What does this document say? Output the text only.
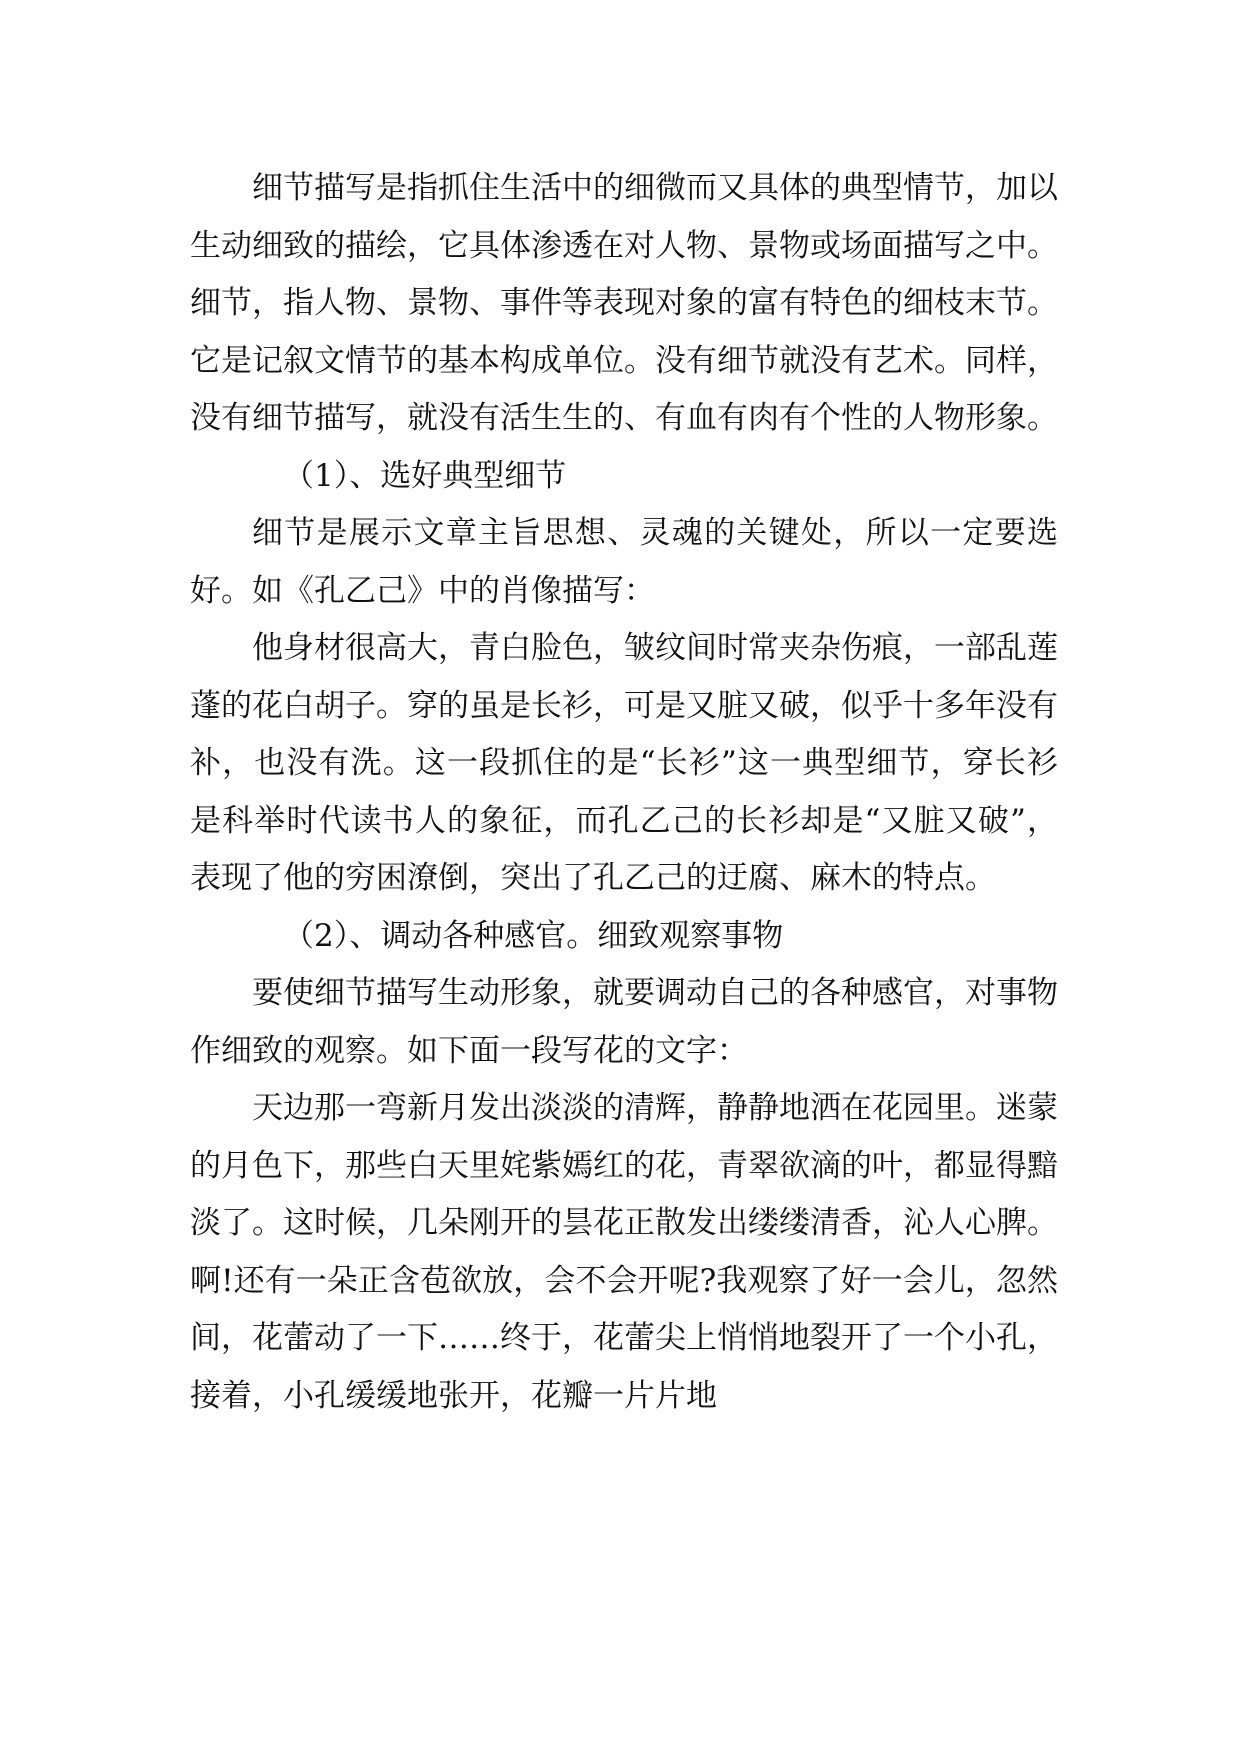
细节描写是指抓住生活中的细微而又具体的典型情节，加以生动细致的描绘，它具体渗透在对人物、景物或场面描写之中。细节，指人物、景物、事件等表现对象的富有特色的细枝末节。它是记叙文情节的基本构成单位。没有细节就没有艺术。同样，没有细节描写，就没有活生生的、有血有肉有个性的人物形象。

（1）、选好典型细节

细节是展示文章主旨思想、灵魂的关键处，所以一定要选好。如《孔乙己》中的肖像描写：

他身材很高大，青白脸色，皱纹间时常夹杂伤痕，一部乱莲蓬的花白胡子。穿的虽是长衫，可是又脏又破，似乎十多年没有补，也没有洗。这一段抓住的是“长衫”这一典型细节，穿长衫是科举时代读书人的象征，而孔乙己的长衫却是“又脏又破”，表现了他的穷困潦倒，突出了孔乙己的迂腐、麻木的特点。

（2）、调动各种感官。细致观察事物

要使细节描写生动形象，就要调动自己的各种感官，对事物作细致的观察。如下面一段写花的文字：

天边那一弯新月发出淡淡的清辉，静静地洒在花园里。迷蒙的月色下，那些白天里姹紫嫣红的花，青翠欲滴的叶，都显得黯淡了。这时候，几朵刚开的昙花正散发出缕缕清香，沁人心脾。啊!还有一朵正含苞欲放，会不会开呢?我观察了好一会儿，忽然间，花蕾动了一下……终于，花蕾尖上悄悄地裂开了一个小孔，接着，小孔缓缓地张开，花瓣一片片地
